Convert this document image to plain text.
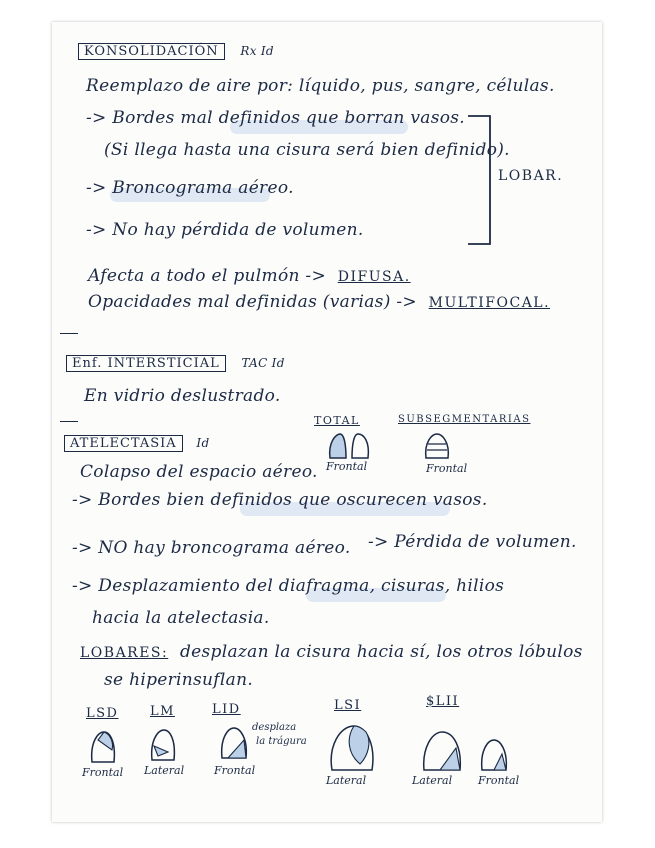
KONSOLIDACIÓN Rx Id
Reemplazo de aire por: líquido, pus, sangre, células.
-> Bordes mal definidos que borran vasos.
(Si llega hasta una cisura será bien definido).
-> Broncograma aéreo.
-> No hay pérdida de volumen.
LOBAR.
Afecta a todo el pulmón -> DIFUSA.
Opacidades mal definidas (varias) -> MULTIFOCAL.
Enf. INTERSTICIAL TAC Id
En vidrio deslustrado.
ATELECTASIA Id
TOTAL	SUBSEGMENTARIAS
Frontal	Frontal
Colapso del espacio aéreo.
-> Bordes bien definidos que oscurecen vasos.
-> NO hay broncograma aéreo. -> Pérdida de volumen.
-> Desplazamiento del diafragma, cisuras, hilios
hacia la atelectasia.
LOBARES: desplazan la cisura hacia sí, los otros lóbulos
se hiperinsuflan.
LSD
Frontal
LM
Lateral
LID
desplaza
la trágura
Frontal
LSI
Lateral
$LII
Lateral Frontal
